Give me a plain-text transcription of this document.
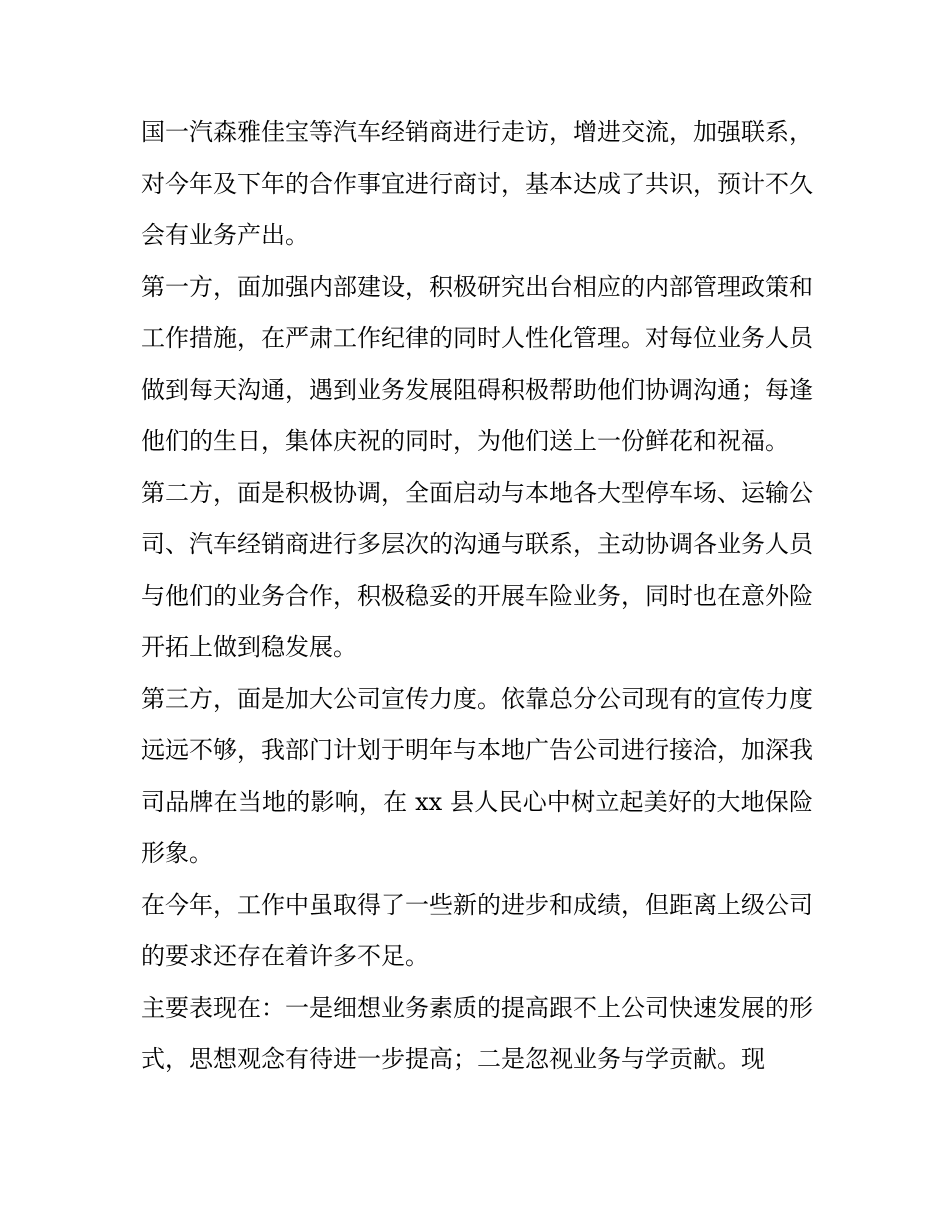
国一汽森雅佳宝等汽车经销商进行走访，增进交流，加强联系，对今年及下年的合作事宜进行商讨，基本达成了共识，预计不久会有业务产出。

第一方，面加强内部建设，积极研究出台相应的内部管理政策和工作措施，在严肃工作纪律的同时人性化管理。对每位业务人员做到每天沟通，遇到业务发展阻碍积极帮助他们协调沟通；每逢他们的生日，集体庆祝的同时，为他们送上一份鲜花和祝福。

第二方，面是积极协调，全面启动与本地各大型停车场、运输公司、汽车经销商进行多层次的沟通与联系，主动协调各业务人员与他们的业务合作，积极稳妥的开展车险业务，同时也在意外险开拓上做到稳发展。

第三方，面是加大公司宣传力度。依靠总分公司现有的宣传力度远远不够，我部门计划于明年与本地广告公司进行接洽，加深我司品牌在当地的影响，在 xx 县人民心中树立起美好的大地保险形象。

在今年，工作中虽取得了一些新的进步和成绩，但距离上级公司的要求还存在着许多不足。

主要表现在：一是细想业务素质的提高跟不上公司快速发展的形式，思想观念有待进一步提高；二是忽视业务与学贡献。现
